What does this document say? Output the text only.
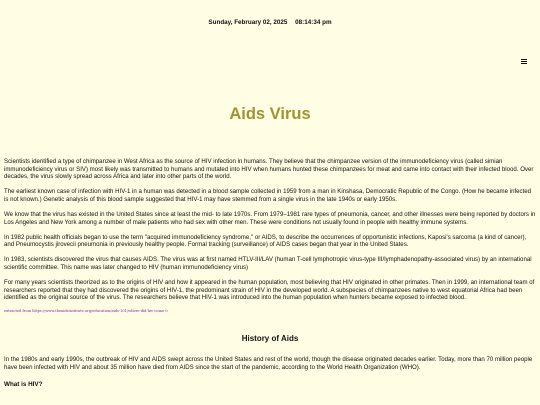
Sunday, February 02, 2025 08:14:34 pm
Aids Virus

Scientists identified a type of chimpanzee in West Africa as the source of HIV infection in humans. They believe that the chimpanzee version of the immunodeficiency virus (called simian immunodeficiency virus or SIV) most likely was transmitted to humans and mutated into HIV when humans hunted these chimpanzees for meat and came into contact with their infected blood. Over decades, the virus slowly spread across Africa and later into other parts of the world.

The earliest known case of infection with HIV-1 in a human was detected in a blood sample collected in 1959 from a man in Kinshasa, Democratic Republic of the Congo. (How he became infected is not known.) Genetic analysis of this blood sample suggested that HIV-1 may have stemmed from a single virus in the late 1940s or early 1950s.

We know that the virus has existed in the United States since at least the mid- to late 1970s. From 1979–1981 rare types of pneumonia, cancer, and other illnesses were being reported by doctors in Los Angeles and New York among a number of male patients who had sex with other men. These were conditions not usually found in people with healthy immune systems.

In 1982 public health officials began to use the term "acquired immunodeficiency syndrome," or AIDS, to describe the occurrences of opportunistic infections, Kaposi's sarcoma (a kind of cancer), and Pneumocystis jirovecii pneumonia in previously healthy people. Formal tracking (surveillance) of AIDS cases began that year in the United States.

In 1983, scientists discovered the virus that causes AIDS. The virus was at first named HTLV-III/LAV (human T-cell lymphotropic virus-type III/lymphadenopathy-associated virus) by an international scientific committee. This name was later changed to HIV (human immunodeficiency virus)

For many years scientists theorized as to the origins of HIV and how it appeared in the human population, most believing that HIV originated in other primates. Then in 1999, an international team of researchers reported that they had discovered the origins of HIV-1, the predominant strain of HIV in the developed world. A subspecies of chimpanzees native to west equatorial Africa had been identified as the original source of the virus. The researchers believe that HIV-1 was introduced into the human population when hunters became exposed to infected blood.

extracted from https://www.theaidsinstitute.org/education/aids-101/where-did-hiv-come-0

History of Aids

In the 1980s and early 1990s, the outbreak of HIV and AIDS swept across the United States and rest of the world, though the disease originated decades earlier. Today, more than 70 million people have been infected with HIV and about 35 million have died from AIDS since the start of the pandemic, according to the World Health Organization (WHO).

What is HIV?
